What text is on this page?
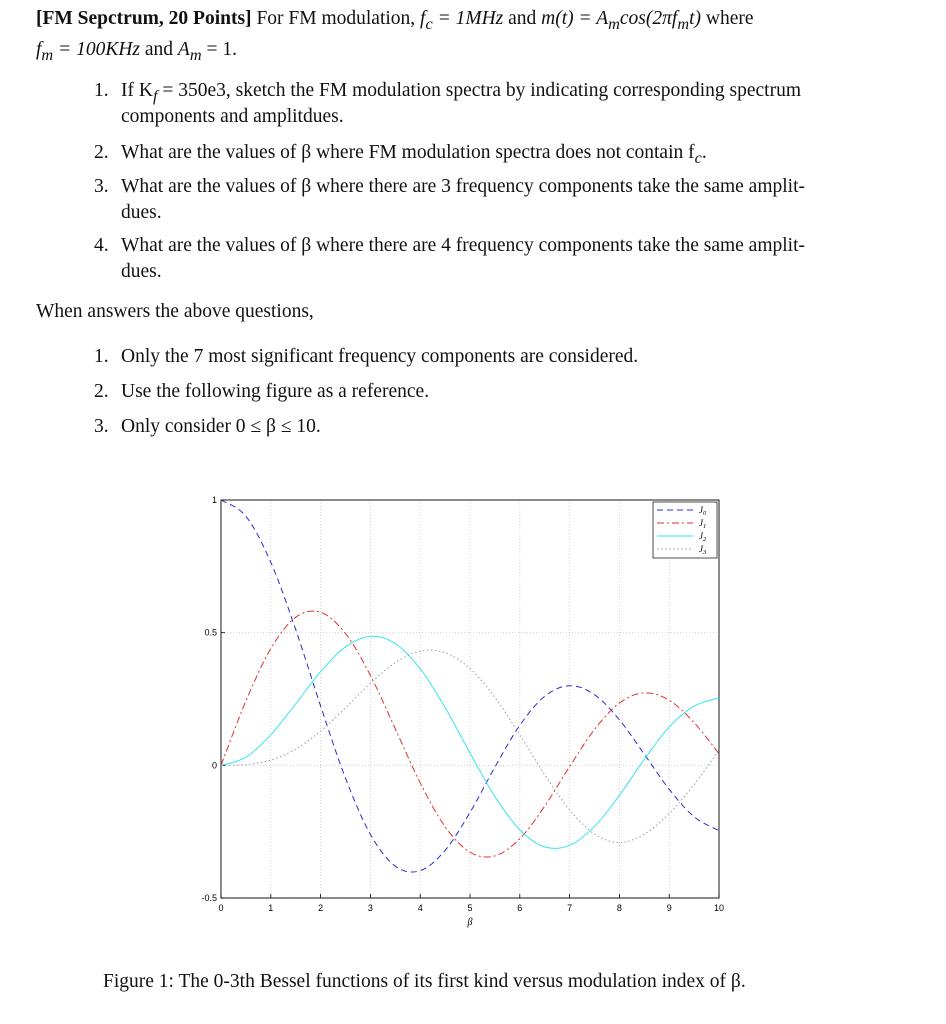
[FM Sepctrum, 20 Points] For FM modulation, $f_c = 1MHz$ and $m(t) = A_m\cos(2\pi f_mt)$ where
$f_m = 100KHz$ and $A_m = 1$.
1. If $K_f = 350e3$, sketch the FM modulation spectra by indicating corresponding spectrum
components and amplitdues.
2. What are the values of β where FM modulation spectra does not contain $f_c$.
3. What are the values of β where there are 3 frequency components take the same amplit-
dues.
4. What are the values of β where there are 4 frequency components take the same amplit-
dues.
When answers the above questions,
1. Only the 7 most significant frequency components are considered.
2. Use the following figure as a reference.
3. Only consider 0 ≤ β ≤ 10.
0	1	2	3	4	5	6	7	8	9	10
-0.5
0
0.5
1
β
$J_0$
$J_1$
$J_2$
$J_3$
Figure 1: The 0-3th Bessel functions of its first kind versus modulation index of β.
